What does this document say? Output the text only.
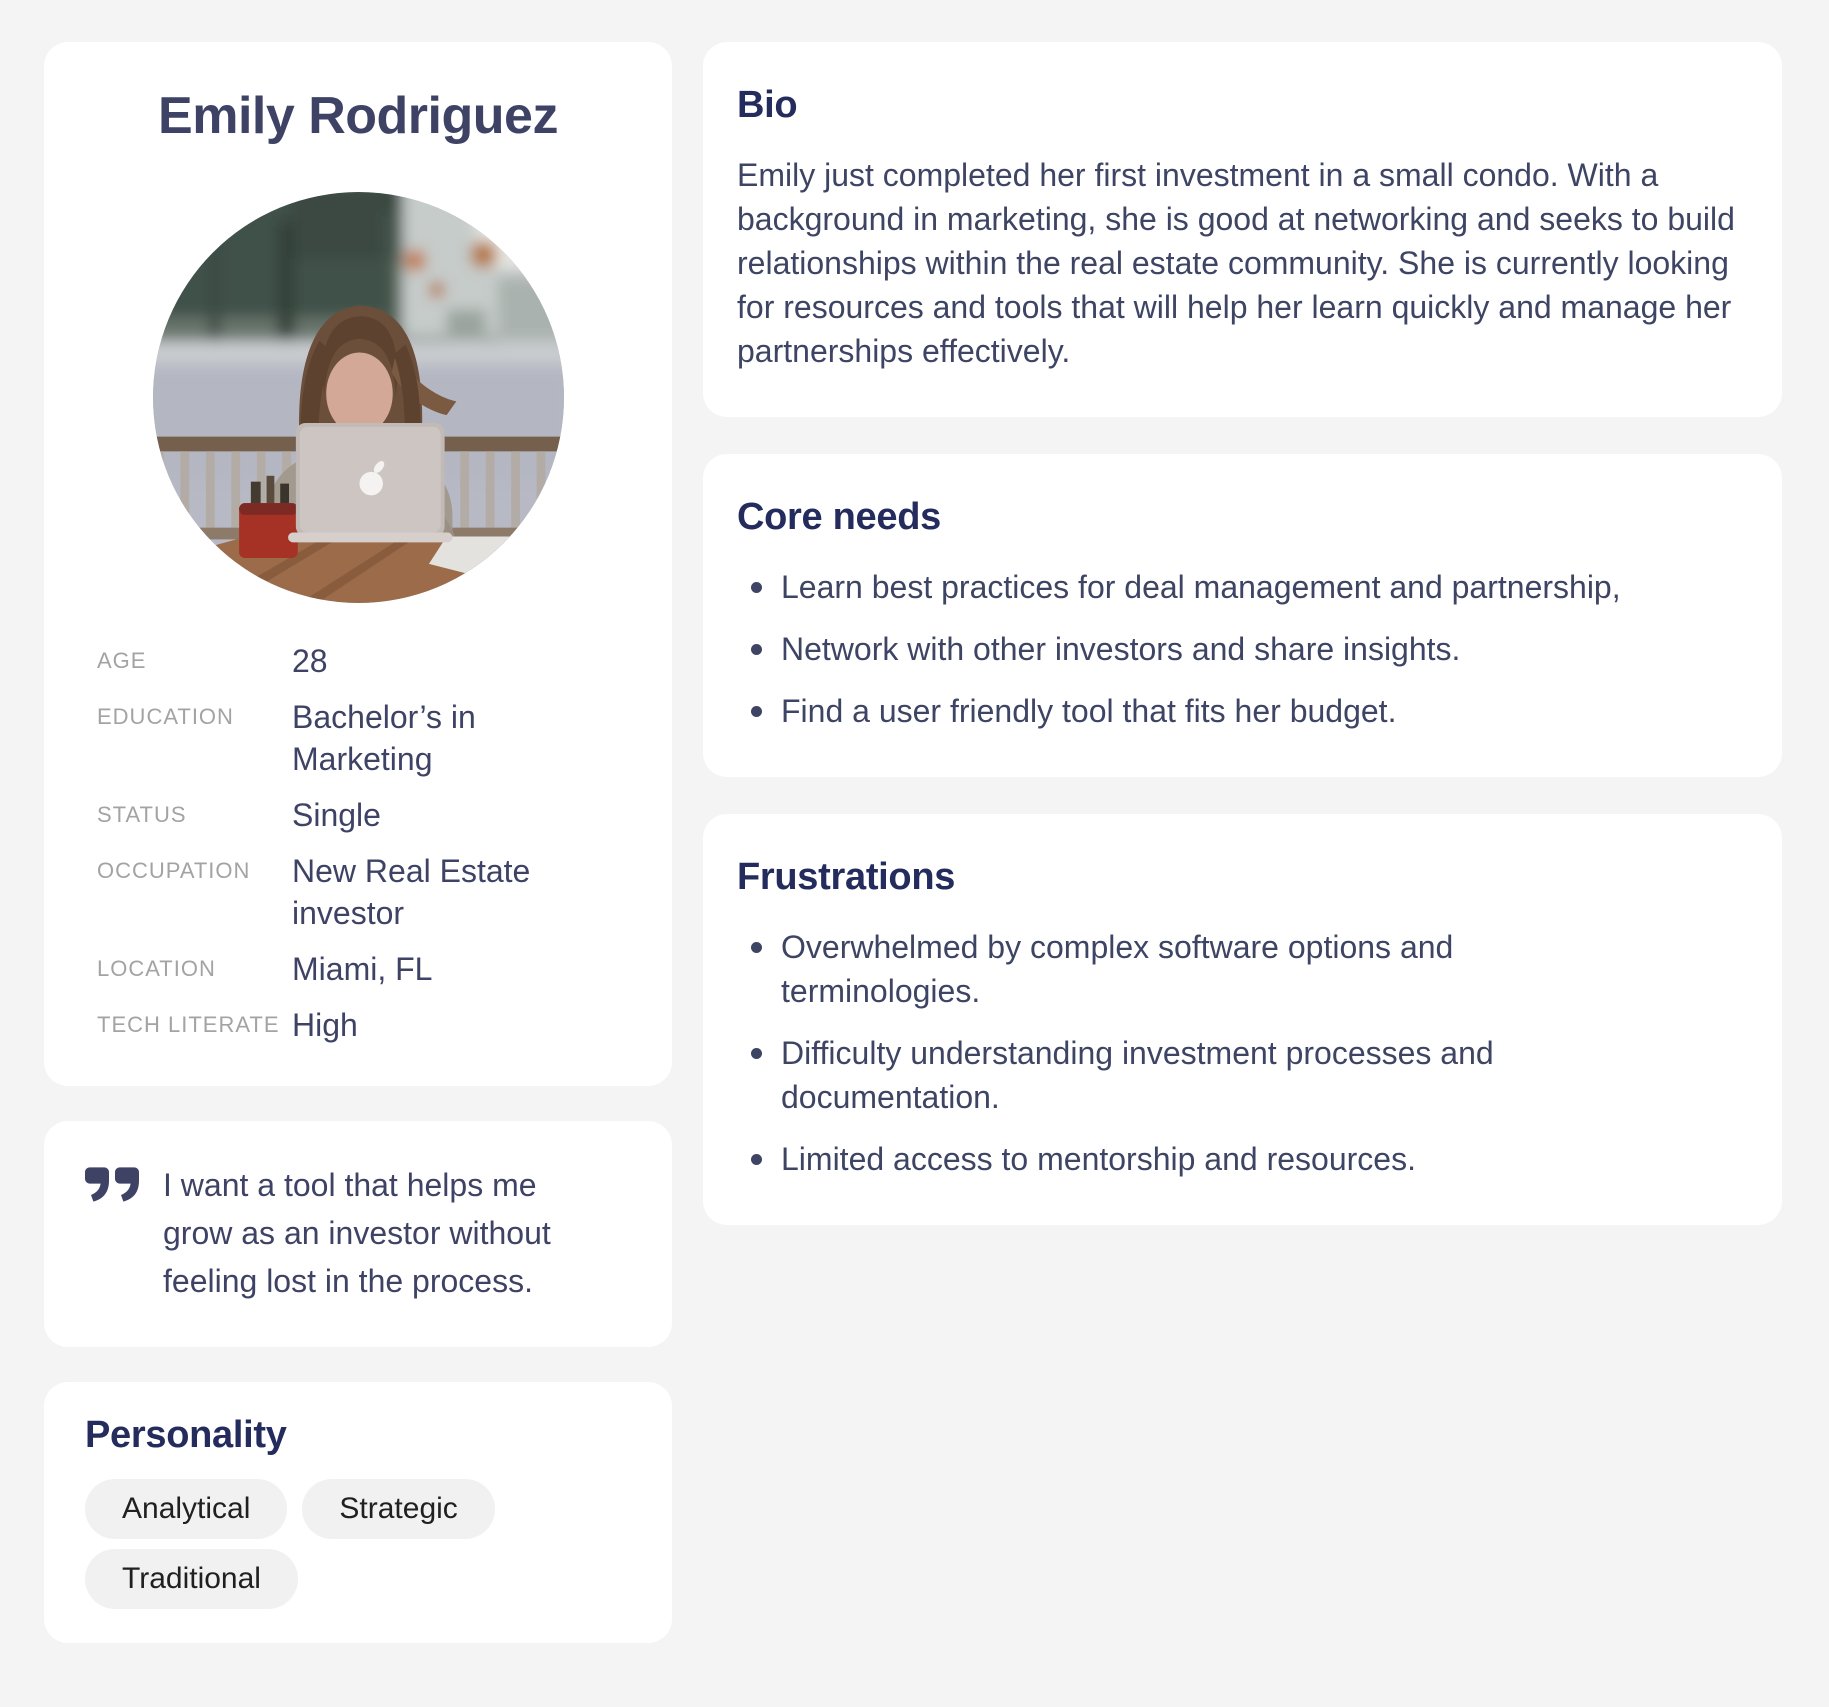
Emily Rodriguez
AGE	28
EDUCATION	Bachelor’s in Marketing
STATUS	Single
OCCUPATION	New Real Estate investor
LOCATION	Miami, FL
TECH LITERATE High

I want a tool that helps me grow as an investor without feeling lost in the process.

Personality
Analytical	Strategic
Traditional
Bio

Emily just completed her first investment in a small condo. With a background in marketing, she is good at networking and seeks to build relationships within the real estate community. She is currently looking for resources and tools that will help her learn quickly and manage her partnerships effectively.

Core needs
Learn best practices for deal management and partnership,
Network with other investors and share insights.
Find a user friendly tool that fits her budget.
Frustrations
Overwhelmed by complex software options and terminologies.
Difficulty understanding investment processes and documentation.
Limited access to mentorship and resources.
